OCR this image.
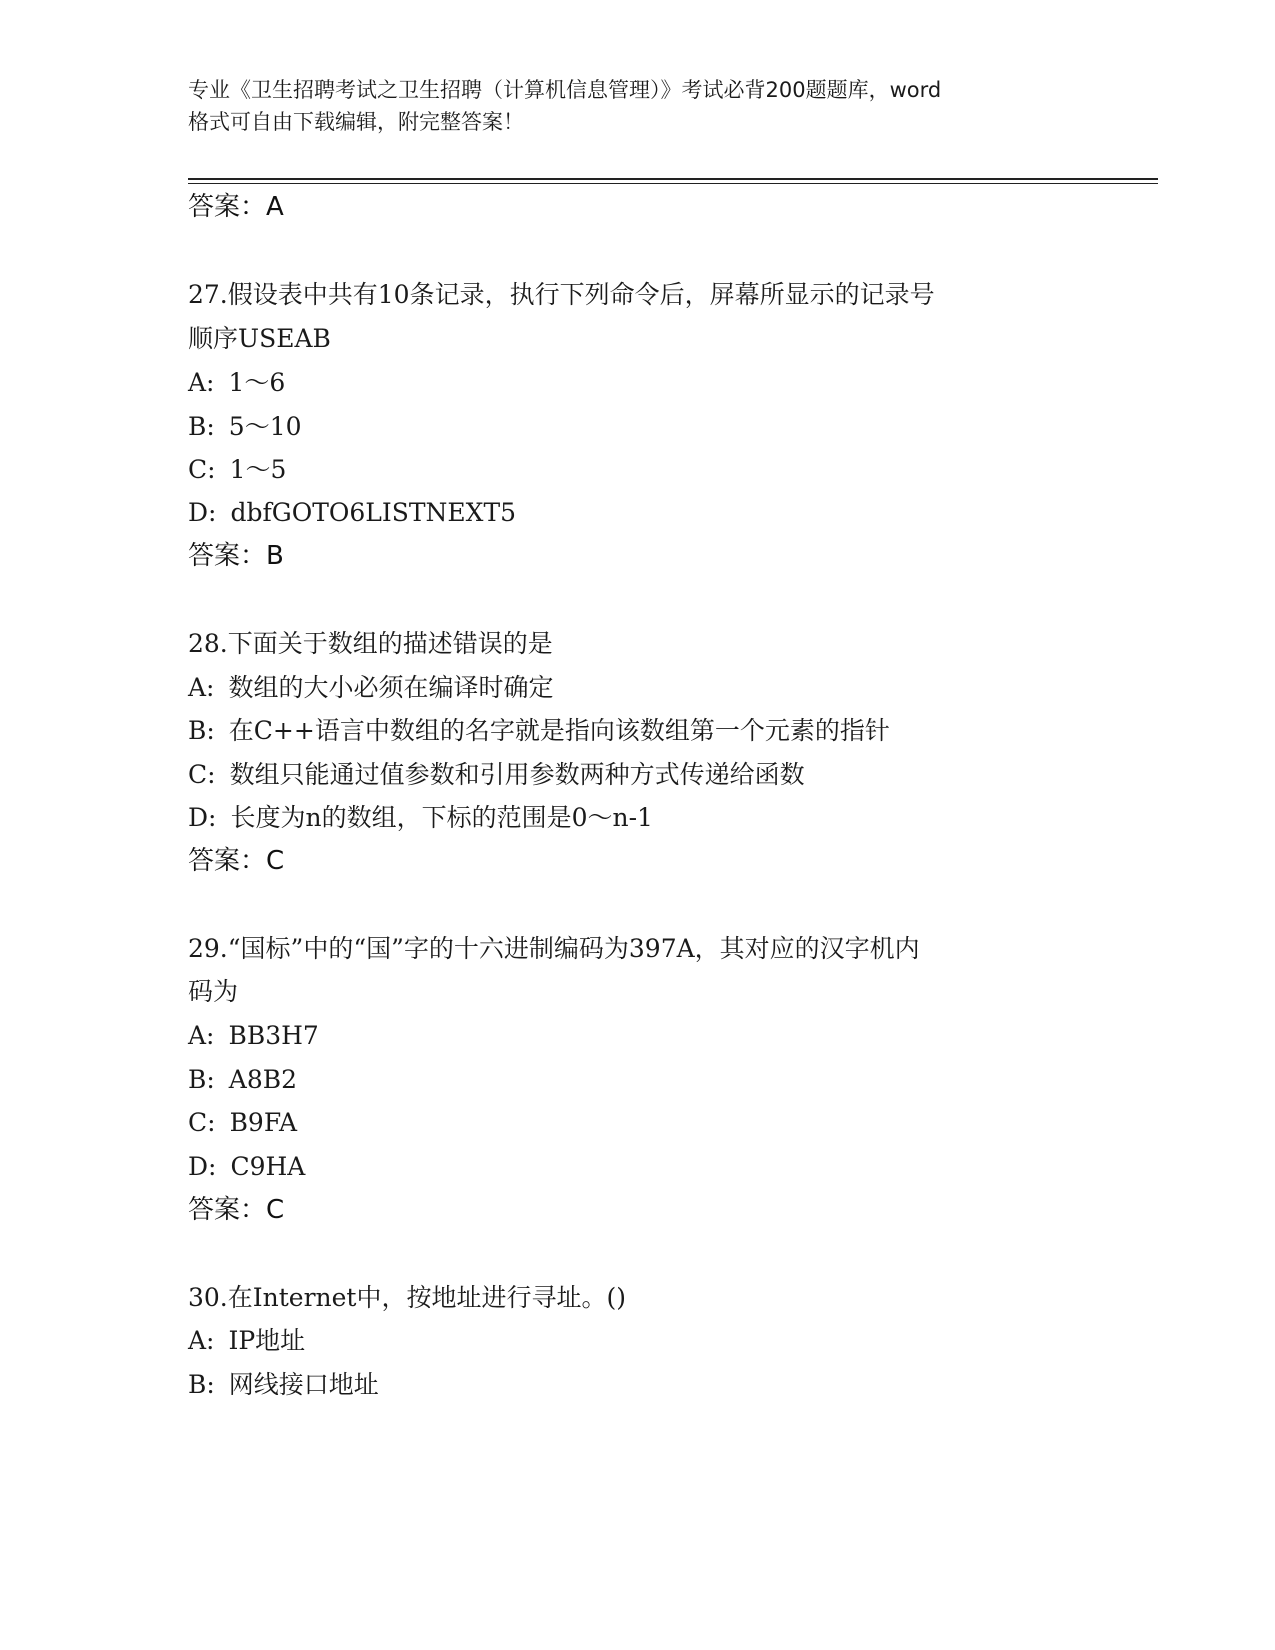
专业《卫生招聘考试之卫生招聘（计算机信息管理）》考试必背200题题库，word
格式可自由下载编辑，附完整答案！
答案：A
27.假设表中共有10条记录，执行下列命令后，屏幕所显示的记录号
顺序USEAB
A: 1～6
B: 5～10
C: 1～5
D: dbfGOTO6LISTNEXT5
答案：B
28.下面关于数组的描述错误的是
A: 数组的大小必须在编译时确定
B: 在C++语言中数组的名字就是指向该数组第一个元素的指针
C: 数组只能通过值参数和引用参数两种方式传递给函数
D: 长度为n的数组，下标的范围是0～n-1
答案：C
29.“国标”中的“国”字的十六进制编码为397A，其对应的汉字机内
码为
A: BB3H7
B: A8B2
C: B9FA
D: C9HA
答案：C
30.在Internet中，按地址进行寻址。()
A: IP地址
B: 网线接口地址
